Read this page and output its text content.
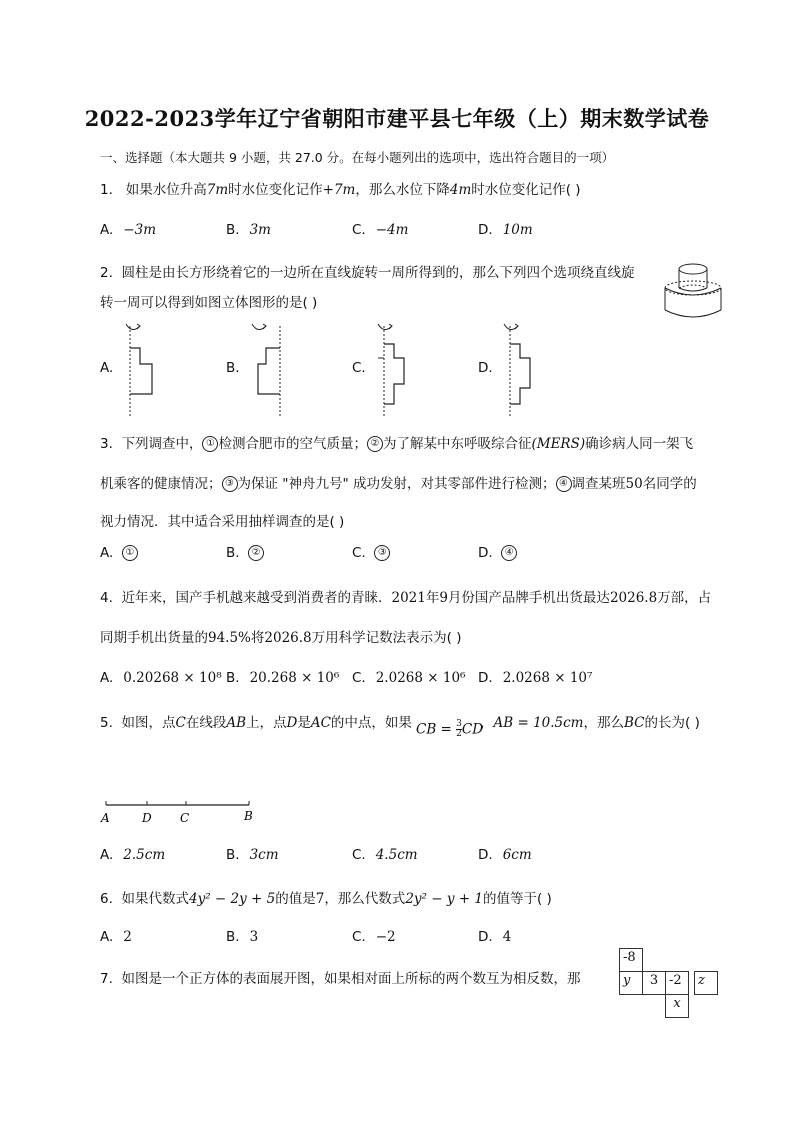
2022-2023学年辽宁省朝阳市建平县七年级（上）期末数学试卷
一、选择题（本大题共 9 小题，共 27.0 分。在每小题列出的选项中，选出符合题目的一项）
1. 如果水位升高7m时水位变化记作+7m，那么水位下降4m时水位变化记作( )
A. −3m	B. 3m	C. −4m	D. 10m
2. 圆柱是由长方形绕着它的一边所在直线旋转一周所得到的，那么下列四个选项绕直线旋
转一周可以得到如图立体图形的是( )
A.	B.	C.	D.
3. 下列调查中， ① 检测合肥市的空气质量； ② 为了解某中东呼吸综合征(MERS)确诊病人同一架飞
机乘客的健康情况； ③ 为保证 "神舟九号" 成功发射，对其零部件进行检测； ④ 调查某班50名同学的
视力情况．其中适合采用抽样调查的是( )
A. ①	B. ②	C. ③	D. ④
4. 近年来，国产手机越来越受到消费者的青睐．2021年9月份国产品牌手机出货最达2026.8万部，占
同期手机出货量的94.5%将2026.8万用科学记数法表示为( )
A. 0.20268 × 10⁸ B. 20.268 × 10⁶ C. 2.0268 × 10⁶ D. 2.0268 × 10⁷
5. 如图，点C在线段AB上，点D是AC的中点，如果 CB = $\frac{3}{2}$ CD
，AB = 10.5cm，那么BC的长为( )
A	D C	B
A. 2.5cm	B. 3cm	C. 4.5cm	D. 6cm
6. 如果代数式4y² − 2y + 5的值是7，那么代数式2y² − y + 1的值等于( )
A. 2	B. 3	C. −2	D. 4
7. 如图是一个正方体的表面展开图，如果相对面上所标的两个数互为相反数，那
-8
y	3 -2	z
x
